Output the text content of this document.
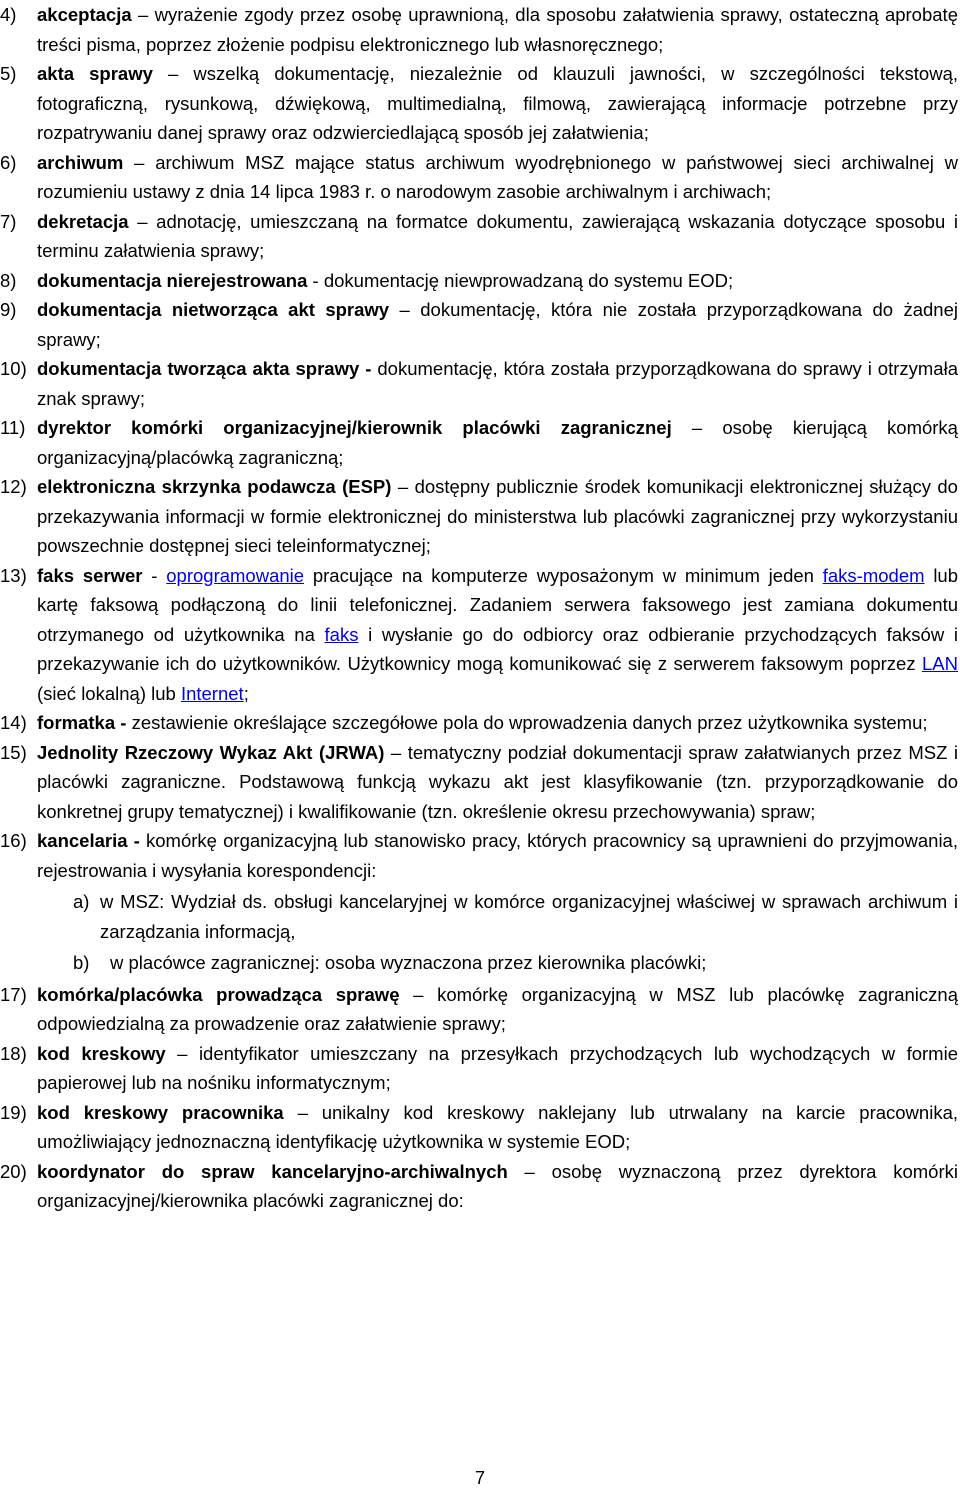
4) akceptacja – wyrażenie zgody przez osobę uprawnioną, dla sposobu załatwienia sprawy, ostateczną aprobatę treści pisma, poprzez złożenie podpisu elektronicznego lub własnoręcznego;

5) akta sprawy – wszelką dokumentację, niezależnie od klauzuli jawności, w szczególności tekstową, fotograficzną, rysunkową, dźwiękową, multimedialną, filmową, zawierającą informacje potrzebne przy rozpatrywaniu danej sprawy oraz odzwierciedlającą sposób jej załatwienia;

6) archiwum – archiwum MSZ mające status archiwum wyodrębnionego w państwowej sieci archiwalnej w rozumieniu ustawy z dnia 14 lipca 1983 r. o narodowym zasobie archiwalnym i archiwach;

7) dekretacja – adnotację, umieszczaną na formatce dokumentu, zawierającą wskazania dotyczące sposobu i terminu załatwienia sprawy;

8) dokumentacja nierejestrowana - dokumentację niewprowadzaną do systemu EOD;

9) dokumentacja nietworząca akt sprawy – dokumentację, która nie została przyporządkowana do żadnej sprawy;

10) dokumentacja tworząca akta sprawy - dokumentację, która została przyporządkowana do sprawy i otrzymała znak sprawy;

11) dyrektor komórki organizacyjnej/kierownik placówki zagranicznej – osobę kierującą komórką organizacyjną/placówką zagraniczną;

12) elektroniczna skrzynka podawcza (ESP) – dostępny publicznie środek komunikacji elektronicznej służący do przekazywania informacji w formie elektronicznej do ministerstwa lub placówki zagranicznej przy wykorzystaniu powszechnie dostępnej sieci teleinformatycznej;

13) faks serwer - oprogramowanie pracujące na komputerze wyposażonym w minimum jeden faks-modem lub kartę faksową podłączoną do linii telefonicznej. Zadaniem serwera faksowego jest zamiana dokumentu otrzymanego od użytkownika na faks i wysłanie go do odbiorcy oraz odbieranie przychodzących faksów i przekazywanie ich do użytkowników. Użytkownicy mogą komunikować się z serwerem faksowym poprzez LAN (sieć lokalną) lub Internet;

14) formatka - zestawienie określające szczegółowe pola do wprowadzenia danych przez użytkownika systemu;

15) Jednolity Rzeczowy Wykaz Akt (JRWA) – tematyczny podział dokumentacji spraw załatwianych przez MSZ i placówki zagraniczne. Podstawową funkcją wykazu akt jest klasyfikowanie (tzn. przyporządkowanie do konkretnej grupy tematycznej) i kwalifikowanie (tzn. określenie okresu przechowywania) spraw;

16) kancelaria - komórkę organizacyjną lub stanowisko pracy, których pracownicy są uprawnieni do przyjmowania, rejestrowania i wysyłania korespondencji:

a) w MSZ: Wydział ds. obsługi kancelaryjnej w komórce organizacyjnej właściwej w sprawach archiwum i zarządzania informacją,

b) w placówce zagranicznej: osoba wyznaczona przez kierownika placówki;

17) komórka/placówka prowadząca sprawę – komórkę organizacyjną w MSZ lub placówkę zagraniczną odpowiedzialną za prowadzenie oraz załatwienie sprawy;

18) kod kreskowy – identyfikator umieszczany na przesyłkach przychodzących lub wychodzących w formie papierowej lub na nośniku informatycznym;

19) kod kreskowy pracownika – unikalny kod kreskowy naklejany lub utrwalany na karcie pracownika, umożliwiający jednoznaczną identyfikację użytkownika w systemie EOD;

20) koordynator do spraw kancelaryjno-archiwalnych – osobę wyznaczoną przez dyrektora komórki organizacyjnej/kierownika placówki zagranicznej do:

7
